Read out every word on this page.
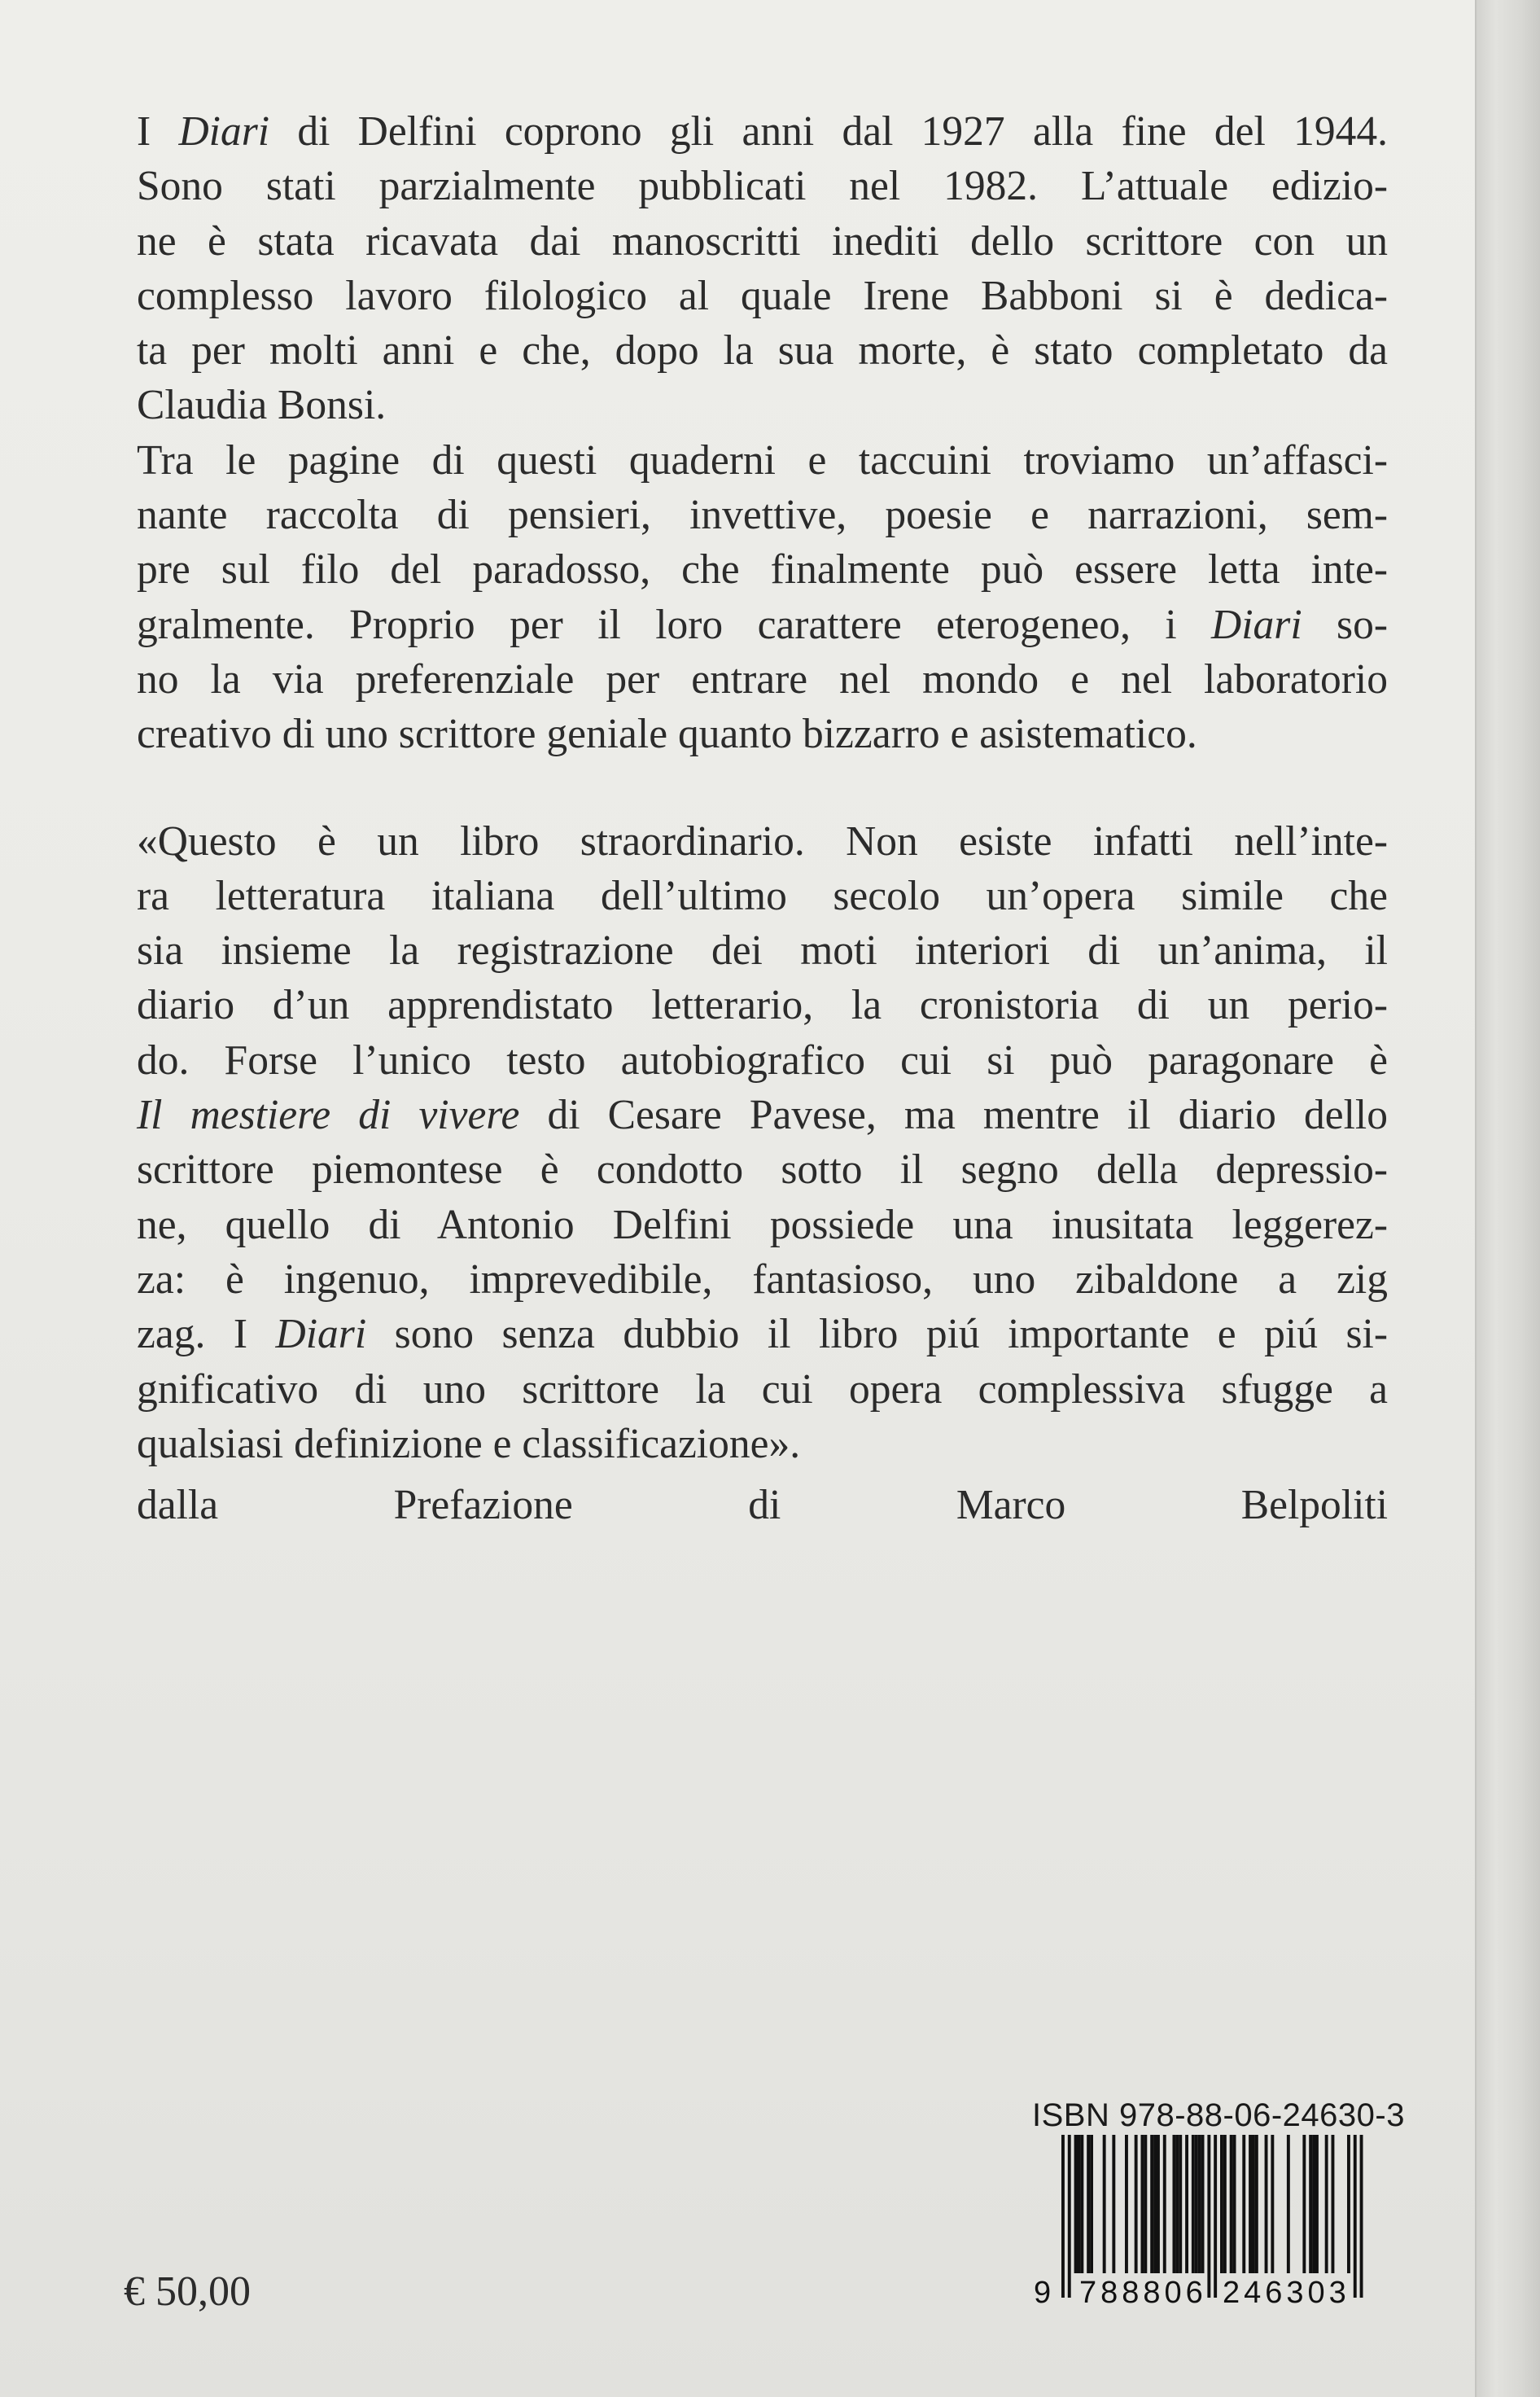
I Diari di Delfini coprono gli anni dal 1927 alla fine del 1944.
Sono stati parzialmente pubblicati nel 1982. L’attuale edizio-
ne è stata ricavata dai manoscritti inediti dello scrittore con un
complesso lavoro filologico al quale Irene Babboni si è dedica-
ta per molti anni e che, dopo la sua morte, è stato completato da
Claudia Bonsi.
Tra le pagine di questi quaderni e taccuini troviamo un’affasci-
nante raccolta di pensieri, invettive, poesie e narrazioni, sem-
pre sul filo del paradosso, che finalmente può essere letta inte-
gralmente. Proprio per il loro carattere eterogeneo, i Diari so-
no la via preferenziale per entrare nel mondo e nel laboratorio
creativo di uno scrittore geniale quanto bizzarro e asistematico.
«Questo è un libro straordinario. Non esiste infatti nell’inte-
ra letteratura italiana dell’ultimo secolo un’opera simile che
sia insieme la registrazione dei moti interiori di un’anima, il
diario d’un apprendistato letterario, la cronistoria di un perio-
do. Forse l’unico testo autobiografico cui si può paragonare è
Il mestiere di vivere di Cesare Pavese, ma mentre il diario dello
scrittore piemontese è condotto sotto il segno della depressio-
ne, quello di Antonio Delfini possiede una inusitata leggerez-
za: è ingenuo, imprevedibile, fantasioso, uno zibaldone a zig
zag. I Diari sono senza dubbio il libro piú importante e piú si-
gnificativo di uno scrittore la cui opera complessiva sfugge a
qualsiasi definizione e classificazione».
dalla Prefazione di Marco Belpoliti
ISBN 978-88-06-24630-3
9 788806 246303
€ 50,00
